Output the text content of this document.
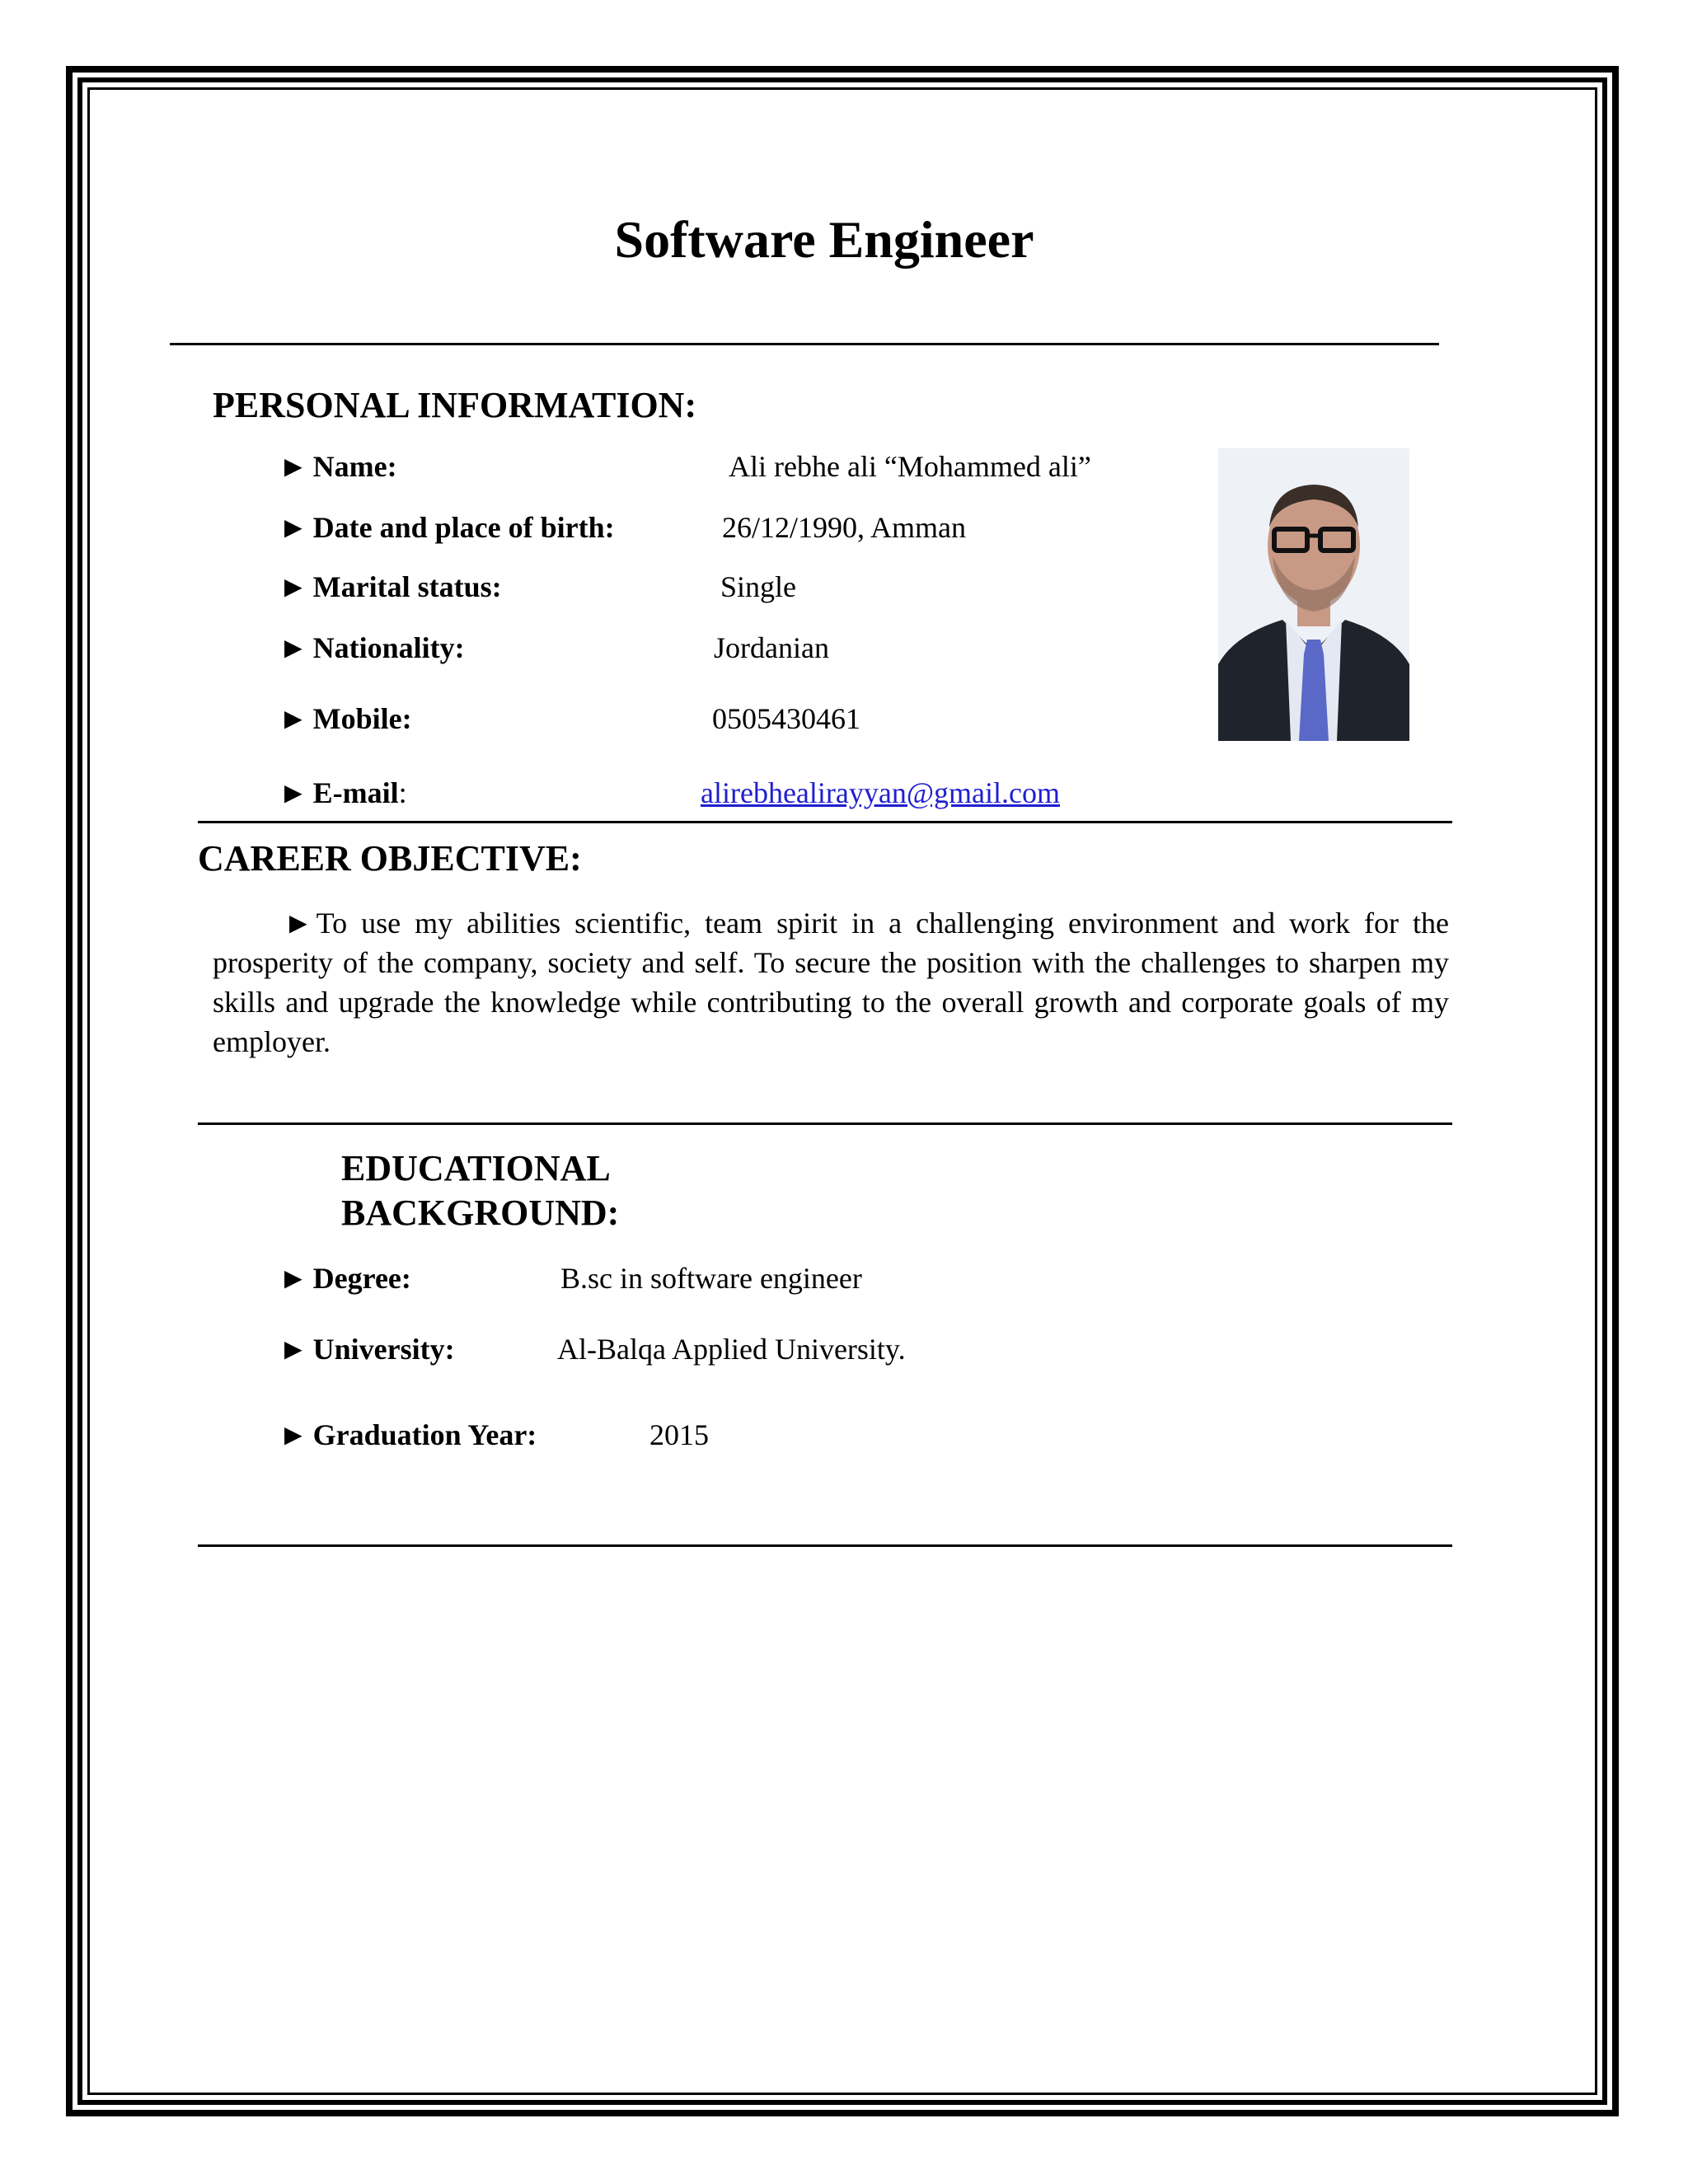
Software Engineer
PERSONAL INFORMATION:
► Name:	Ali rebhe ali “Mohammed ali”
► Date and place of birth:	26/12/1990, Amman
► Marital status:	Single
► Nationality:	Jordanian
► Mobile:	0505430461
► E-mail:	alirebhealirayyan@gmail.com
CAREER OBJECTIVE:
► To use my abilities scientific, team spirit in a challenging environment and work for the prosperity of the company, society and self. To secure the position with the challenges to sharpen my skills and upgrade the knowledge while contributing to the overall growth and corporate goals of my employer.
EDUCATIONAL
BACKGROUND:
► Degree:	B.sc in software engineer
► University:	Al-Balqa Applied University.
► Graduation Year:	2015
